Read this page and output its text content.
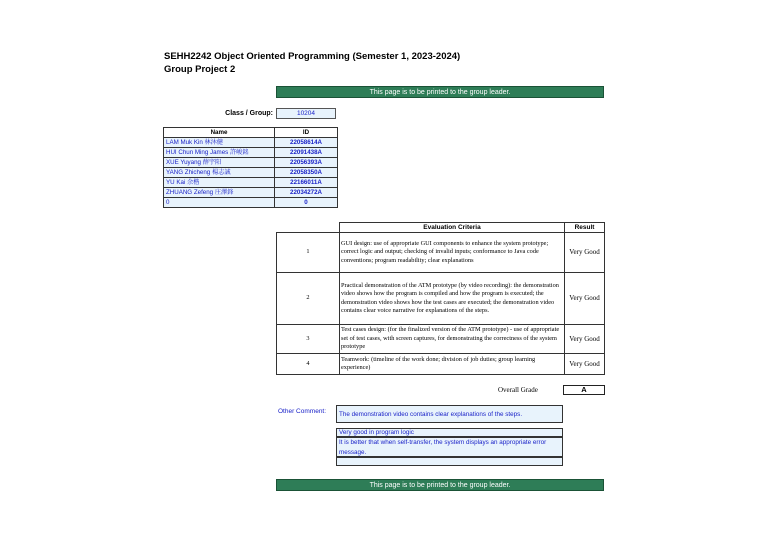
SEHH2242 Object Oriented Programming (Semester 1, 2023-2024)
Group Project 2
This page is to be printed to the group leader.
Class / Group:	10204
Name	ID
LAM Muk Kin 林沐健	22058614A
HUI Chun Ming James 許峻銘	22091438A
XUE Yuyang 薛宇阳	22056393A
YANG Zhicheng 楊志誠	22058350A
YU Kai 余楷	22166011A
ZHUANG Zefeng 庄澤鋒	22034272A
0	0
	Evaluation Criteria	Result
1	GUI design: use of appropriate GUI components to enhance the system prototype; correct logic and output; checking of invalid inputs; conformance to Java code conventions; program readability; clear explanations	Very Good
2	Practical demonstration of the ATM prototype (by video recording): the demonstration video shows how the program is compiled and how the program is executed; the demonstration video shows how the test cases are executed; the demonstration video contains clear voice narrative for explanations of the steps.	Very Good
3	Test cases design: (for the finalized version of the ATM prototype) - use of appropriate set of test cases, with screen captures, for demonstrating the correctness of the system prototype	Very Good
4	Teamwork: (timeline of the work done; division of job duties; group learning experience)	Very Good
Overall Grade	A
Other Comment:	The demonstration video contains clear explanations of the steps.
Very good in program logic
It is better that when self-transfer, the system displays an appropriate error message.
This page is to be printed to the group leader.
